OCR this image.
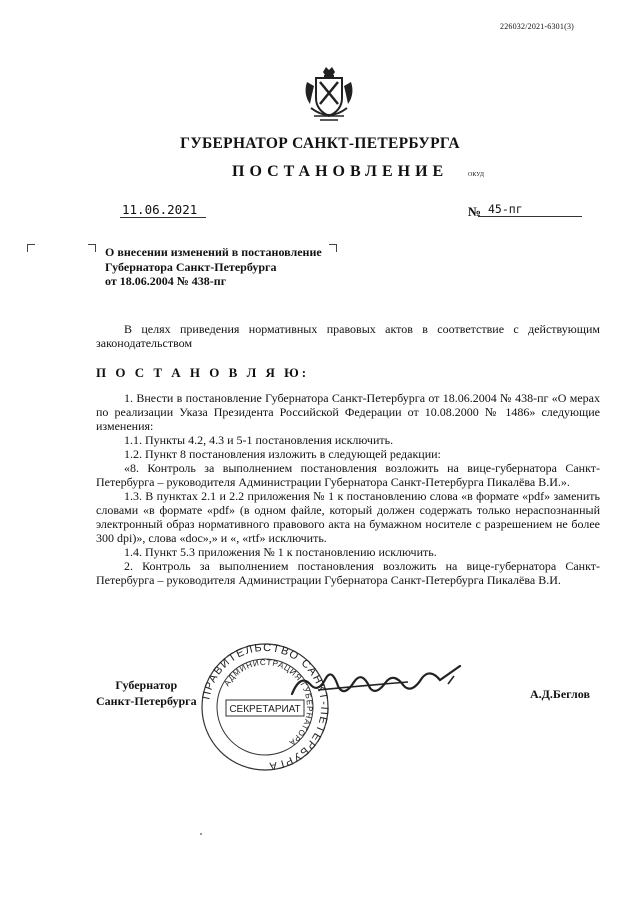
226032/2021-6301(3)
ГУБЕРНАТОР САНКТ-ПЕТЕРБУРГА
ПОСТАНОВЛЕНИЕ	ОКУД
11.06.2021	№ 45-пг

О внесении изменений в постановление

Губернатора Санкт-Петербурга

от 18.06.2004 № 438-пг

В целях приведения нормативных правовых актов в соответствие с действующим законодательством

П О С Т А Н О В Л Я Ю:

1. Внести в постановление Губернатора Санкт-Петербурга от 18.06.2004 № 438-пг «О мерах по реализации Указа Президента Российской Федерации от 10.08.2000 № 1486» следующие изменения:

1.1. Пункты 4.2, 4.3 и 5-1 постановления исключить.

1.2. Пункт 8 постановления изложить в следующей редакции:

«8. Контроль за выполнением постановления возложить на вице-губернатора Санкт-Петербурга – руководителя Администрации Губернатора Санкт-Петербурга Пикалёва В.И.».

1.3. В пунктах 2.1 и 2.2 приложения № 1 к постановлению слова «в формате «pdf» заменить словами «в формате «pdf» (в одном файле, который должен содержать только нераспознанный электронный образ нормативного правового акта на бумажном носителе с разрешением не более 300 dpi)», слова «doc»,» и «, «rtf» исключить.

1.4. Пункт 5.3 приложения № 1 к постановлению исключить.

2. Контроль за выполнением постановления возложить на вице-губернатора Санкт-Петербурга – руководителя Администрации Губернатора Санкт-Петербурга Пикалёва В.И.

Губернатор

Санкт-Петербурга ПРАВИТЕЛЬСТВО САНКТ-ПЕТЕРБУРГА
АДМИНИСТРАЦИЯ ГУБЕРНАТОРА
СЕКРЕТАРИАТ
А.Д.Беглов
